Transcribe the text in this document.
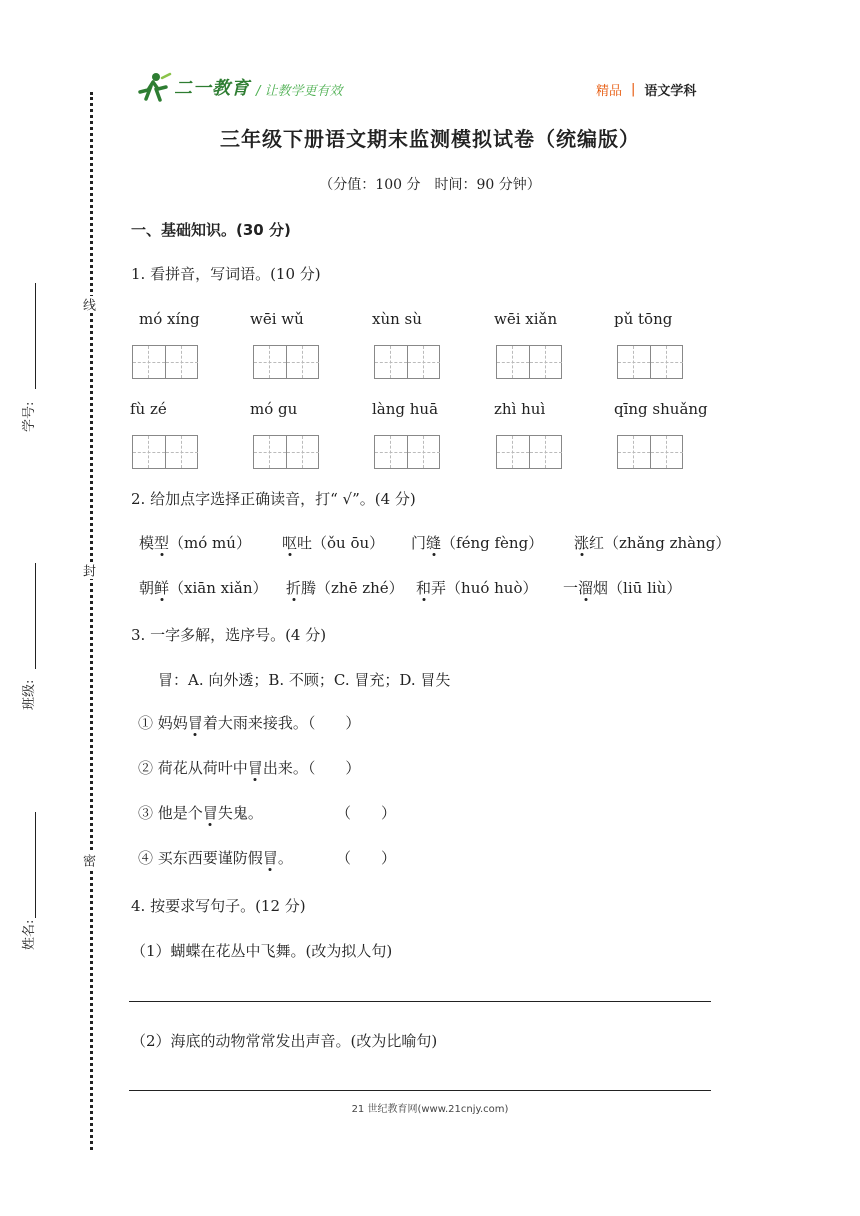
线
封
密
学号:
班级:
姓名:
二一教育 / 让教学更有效	精品 | 语文学科
三年级下册语文期末监测模拟试卷（统编版）
（分值：100 分　时间：90 分钟）
一、基础知识。(30 分)
1. 看拼音，写词语。(10 分)
mó xíng	wēi wǔ	xùn sù	wēi xiǎn	pǔ tōng
fù zé	mó gu	làng huā	zhì huì	qīng shuǎng
2. 给加点字选择正确读音，打“ √”。(4 分)
模型（mó mú） 呕吐（ǒu ōu） 门缝（féng fèng） 涨红（zhǎng zhàng）
朝鲜（xiān xiǎn） 折腾（zhē zhé） 和弄（huó huò） 一溜烟（liū liù）
3. 一字多解，选序号。(4 分)
冒：A. 向外透；B. 不顾；C. 冒充；D. 冒失
① 妈妈冒着大雨来接我。（　　）
② 荷花从荷叶中冒出来。（　　）
③ 他是个冒失鬼。	（　　）
④ 买东西要谨防假冒。	（　　）
4. 按要求写句子。(12 分)
（1）蝴蝶在花丛中飞舞。(改为拟人句)
（2）海底的动物常常发出声音。(改为比喻句)
21 世纪教育网(www.21cnjy.com)
